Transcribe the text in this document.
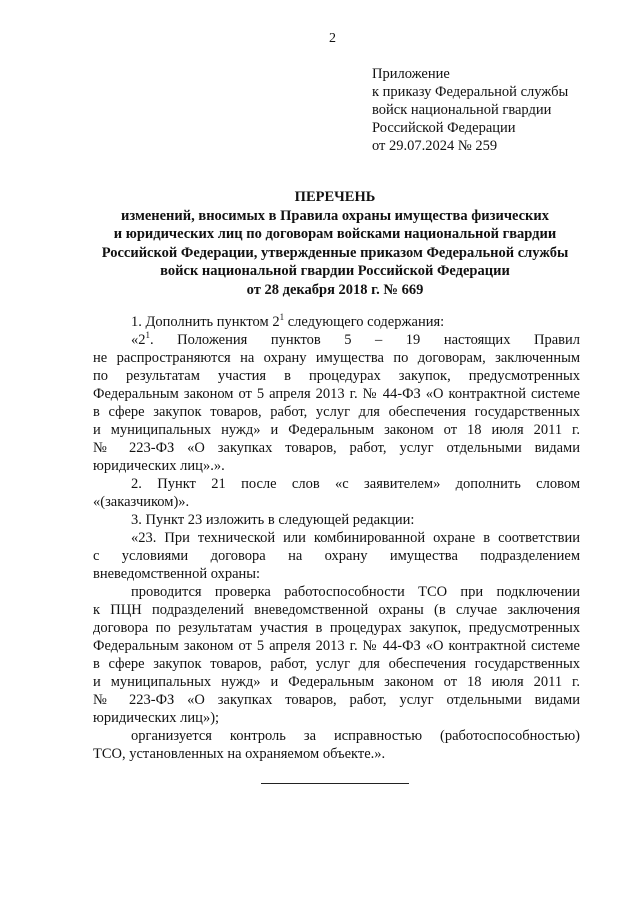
2
Приложение
к приказу Федеральной службы
войск национальной гвардии
Российской Федерации
от 29.07.2024 № 259
ПЕРЕЧЕНЬ
изменений, вносимых в Правила охраны имущества физических
и юридических лиц по договорам войсками национальной гвардии
Российской Федерации, утвержденные приказом Федеральной службы
войск национальной гвардии Российской Федерации
от 28 декабря 2018 г. № 669
1. Дополнить пунктом $2^1$ следующего содержания:
«$2^1$. Положения пунктов 5 – 19 настоящих Правил
не распространяются на охрану имущества по договорам, заключенным
по результатам участия в процедурах закупок, предусмотренных
Федеральным законом от 5 апреля 2013 г. № 44-ФЗ «О контрактной системе
в сфере закупок товаров, работ, услуг для обеспечения государственных
и муниципальных нужд» и Федеральным законом от 18 июля 2011 г.
№ 223-ФЗ «О закупках товаров, работ, услуг отдельными видами
юридических лиц».».
2. Пункт 21 после слов «с заявителем» дополнить словом
«(заказчиком)».
3. Пункт 23 изложить в следующей редакции:
«23. При технической или комбинированной охране в соответствии
с условиями договора на охрану имущества подразделением
вневедомственной охраны:
проводится проверка работоспособности ТСО при подключении
к ПЦН подразделений вневедомственной охраны (в случае заключения
договора по результатам участия в процедурах закупок, предусмотренных
Федеральным законом от 5 апреля 2013 г. № 44-ФЗ «О контрактной системе
в сфере закупок товаров, работ, услуг для обеспечения государственных
и муниципальных нужд» и Федеральным законом от 18 июля 2011 г.
№ 223-ФЗ «О закупках товаров, работ, услуг отдельными видами
юридических лиц»);
организуется контроль за исправностью (работоспособностью)
ТСО, установленных на охраняемом объекте.».
